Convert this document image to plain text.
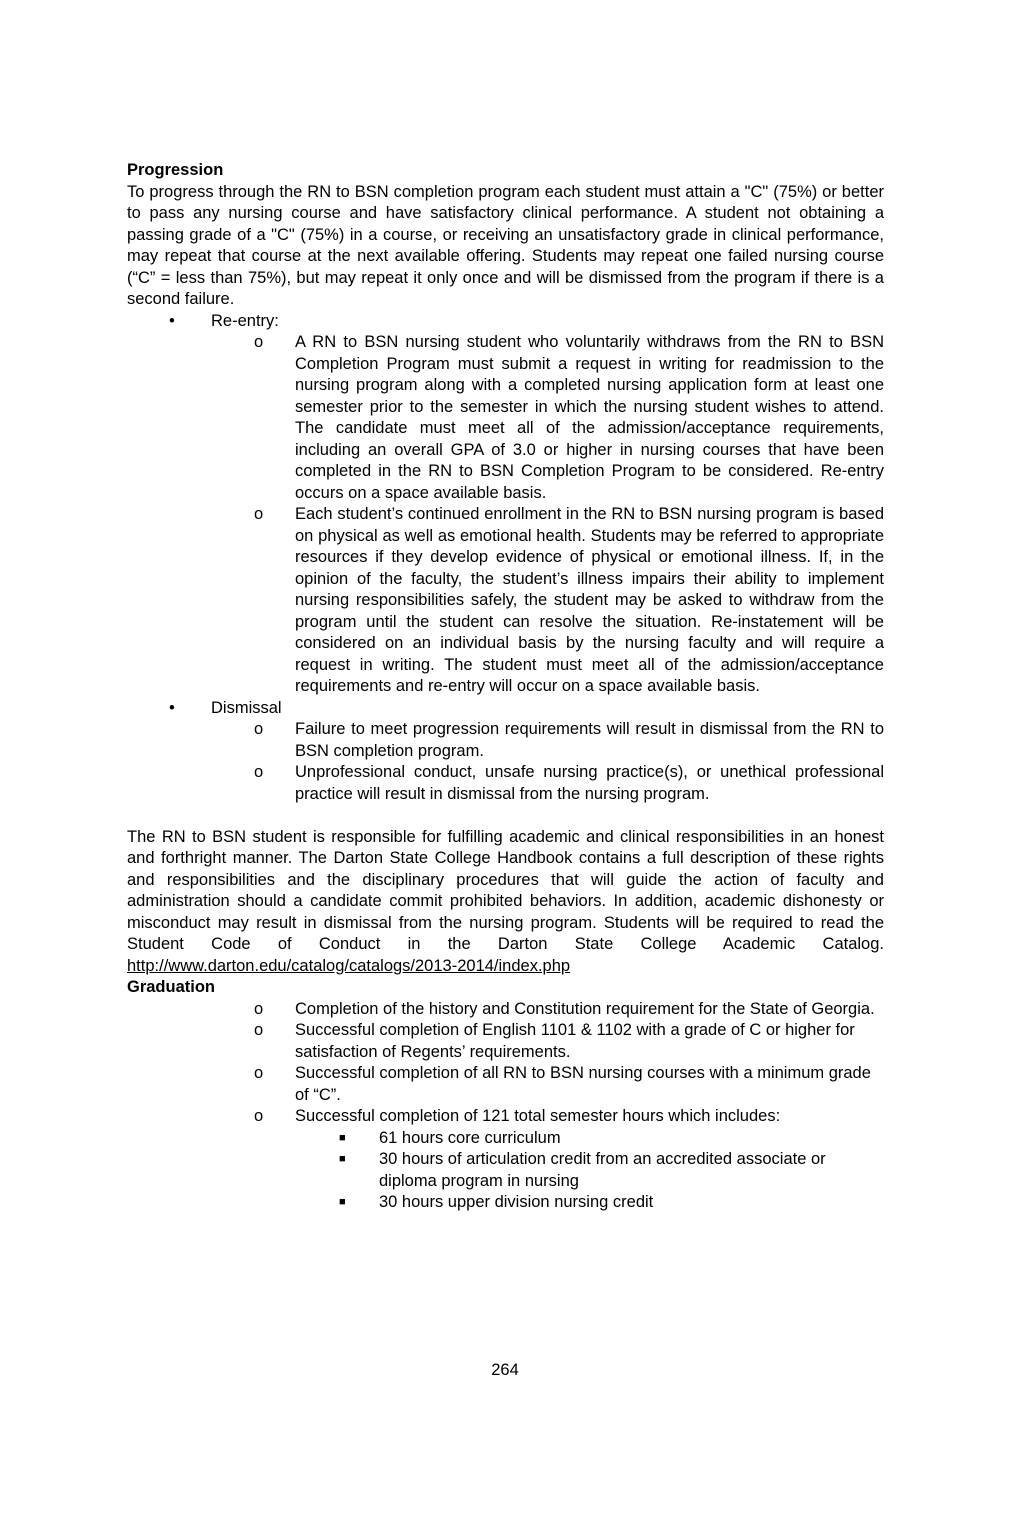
Progression
To progress through the RN to BSN completion program each student must attain a "C" (75%) or better to pass any nursing course and have satisfactory clinical performance. A student not obtaining a passing grade of a "C" (75%) in a course, or receiving an unsatisfactory grade in clinical performance, may repeat that course at the next available offering. Students may repeat one failed nursing course (“C” = less than 75%), but may repeat it only once and will be dismissed from the program if there is a second failure.
• Re-entry:
o A RN to BSN nursing student who voluntarily withdraws from the RN to BSN Completion Program must submit a request in writing for readmission to the nursing program along with a completed nursing application form at least one semester prior to the semester in which the nursing student wishes to attend. The candidate must meet all of the admission/acceptance requirements, including an overall GPA of 3.0 or higher in nursing courses that have been completed in the RN to BSN Completion Program to be considered. Re-entry occurs on a space available basis.
o Each student’s continued enrollment in the RN to BSN nursing program is based on physical as well as emotional health. Students may be referred to appropriate resources if they develop evidence of physical or emotional illness. If, in the opinion of the faculty, the student’s illness impairs their ability to implement nursing responsibilities safely, the student may be asked to withdraw from the program until the student can resolve the situation. Re-instatement will be considered on an individual basis by the nursing faculty and will require a request in writing. The student must meet all of the admission/acceptance requirements and re-entry will occur on a space available basis.
• Dismissal
o Failure to meet progression requirements will result in dismissal from the RN to BSN completion program.
o Unprofessional conduct, unsafe nursing practice(s), or unethical professional practice will result in dismissal from the nursing program.
The RN to BSN student is responsible for fulfilling academic and clinical responsibilities in an honest and forthright manner. The Darton State College Handbook contains a full description of these rights and responsibilities and the disciplinary procedures that will guide the action of faculty and administration should a candidate commit prohibited behaviors. In addition, academic dishonesty or misconduct may result in dismissal from the nursing program. Students will be required to read the Student Code of Conduct in the Darton State College Academic Catalog. http://www.darton.edu/catalog/catalogs/2013-2014/index.php
Graduation
o Completion of the history and Constitution requirement for the State of Georgia.
o Successful completion of English 1101 & 1102 with a grade of C or higher for satisfaction of Regents’ requirements.
o Successful completion of all RN to BSN nursing courses with a minimum grade of “C”.
o Successful completion of 121 total semester hours which includes:
■ 61 hours core curriculum
■ 30 hours of articulation credit from an accredited associate or diploma program in nursing
■ 30 hours upper division nursing credit
264
